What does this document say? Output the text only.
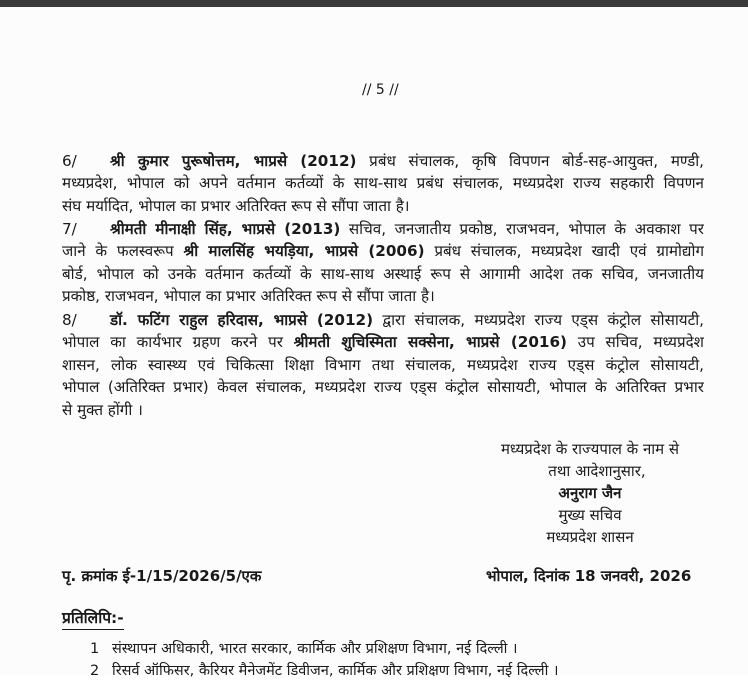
// 5 //
6/ श्री कुमार पुरूषोत्तम, भाप्रसे (2012) प्रबंध संचालक, कृषि विपणन बोर्ड-सह-आयुक्त, मण्डी,
मध्यप्रदेश, भोपाल को अपने वर्तमान कर्तव्यों के साथ-साथ प्रबंध संचालक, मध्यप्रदेश राज्य सहकारी विपणन
संघ मर्यादित, भोपाल का प्रभार अतिरिक्त रूप से सौंपा जाता है।
7/ श्रीमती मीनाक्षी सिंह, भाप्रसे (2013) सचिव, जनजातीय प्रकोष्ठ, राजभवन, भोपाल के अवकाश पर
जाने के फलस्वरूप श्री मालसिंह भयड़िया, भाप्रसे (2006) प्रबंध संचालक, मध्यप्रदेश खादी एवं ग्रामोद्योग
बोर्ड, भोपाल को उनके वर्तमान कर्तव्यों के साथ-साथ अस्थाई रूप से आगामी आदेश तक सचिव, जनजातीय
प्रकोष्ठ, राजभवन, भोपाल का प्रभार अतिरिक्त रूप से सौंपा जाता है।
8/ डॉ. फटिंग राहुल हरिदास, भाप्रसे (2012) द्वारा संचालक, मध्यप्रदेश राज्य एड्स कंट्रोल सोसायटी,
भोपाल का कार्यभार ग्रहण करने पर श्रीमती शुचिस्मिता सक्सेना, भाप्रसे (2016) उप सचिव, मध्यप्रदेश
शासन, लोक स्वास्थ्य एवं चिकित्सा शिक्षा विभाग तथा संचालक, मध्यप्रदेश राज्य एड्स कंट्रोल सोसायटी,
भोपाल (अतिरिक्त प्रभार) केवल संचालक, मध्यप्रदेश राज्य एड्स कंट्रोल सोसायटी, भोपाल के अतिरिक्त प्रभार
से मुक्त होंगी ।
मध्यप्रदेश के राज्यपाल के नाम से
तथा आदेशानुसार,
अनुराग जैन
मुख्य सचिव
मध्यप्रदेश शासन
पृ. क्रमांक ई-1/15/2026/5/एक	भोपाल, दिनांक 18 जनवरी, 2026
प्रतिलिपि:-
1 संस्थापन अधिकारी, भारत सरकार, कार्मिक और प्रशिक्षण विभाग, नई दिल्ली ।
2 रिसर्व ऑफिसर, कैरियर मैनेजमेंट डिवीजन, कार्मिक और प्रशिक्षण विभाग, नई दिल्ली ।
